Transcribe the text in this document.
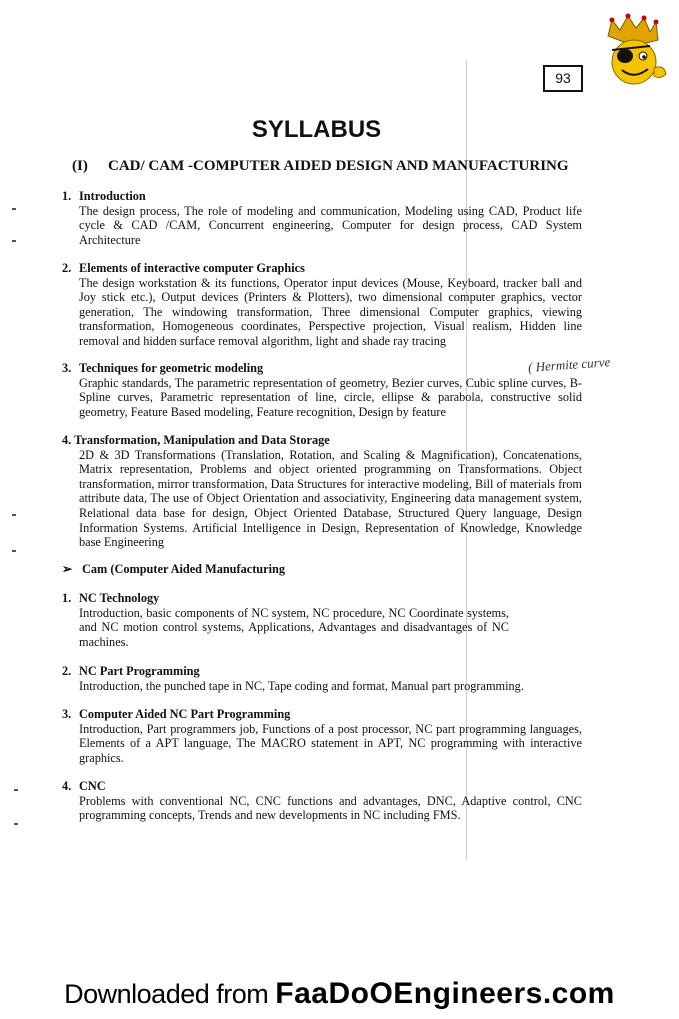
93
SYLLABUS
(I) CAD/ CAM -COMPUTER AIDED DESIGN AND MANUFACTURING
1. Introduction
The design process, The role of modeling and communication, Modeling using CAD, Product life cycle & CAD /CAM, Concurrent engineering, Computer for design process, CAD System Architecture
2. Elements of interactive computer Graphics
The design workstation & its functions, Operator input devices (Mouse, Keyboard, tracker ball and Joy stick etc.), Output devices (Printers & Plotters), two dimensional computer graphics, vector generation, The windowing transformation, Three dimensional Computer graphics, viewing transformation, Homogeneous coordinates, Perspective projection, Visual realism, Hidden line removal and hidden surface removal algorithm, light and shade ray tracing
3. Techniques for geometric modeling
Graphic standards, The parametric representation of geometry, Bezier curves, Cubic spline curves, B-Spline curves, Parametric representation of line, circle, ellipse & parabola, constructive solid geometry, Feature Based modeling, Feature recognition, Design by feature
( Hermite curve
4. Transformation, Manipulation and Data Storage
2D & 3D Transformations (Translation, Rotation, and Scaling & Magnification), Concatenations, Matrix representation, Problems and object oriented programming on Transformations. Object transformation, mirror transformation, Data Structures for interactive modeling, Bill of materials from attribute data, The use of Object Orientation and associativity, Engineering data management system, Relational data base for design, Object Oriented Database, Structured Query language, Design Information Systems. Artificial Intelligence in Design, Representation of Knowledge, Knowledge base Engineering
➢ Cam (Computer Aided Manufacturing
1. NC Technology
Introduction, basic components of NC system, NC procedure, NC Coordinate systems, and NC motion control systems, Applications, Advantages and disadvantages of NC machines.
2. NC Part Programming
Introduction, the punched tape in NC, Tape coding and format, Manual part programming.
3. Computer Aided NC Part Programming
Introduction, Part programmers job, Functions of a post processor, NC part programming languages, Elements of a APT language, The MACRO statement in APT, NC programming with interactive graphics.
4. CNC
Problems with conventional NC, CNC functions and advantages, DNC, Adaptive control, CNC programming concepts, Trends and new developments in NC including FMS.
Downloaded from FaaDoOEngineers.com
